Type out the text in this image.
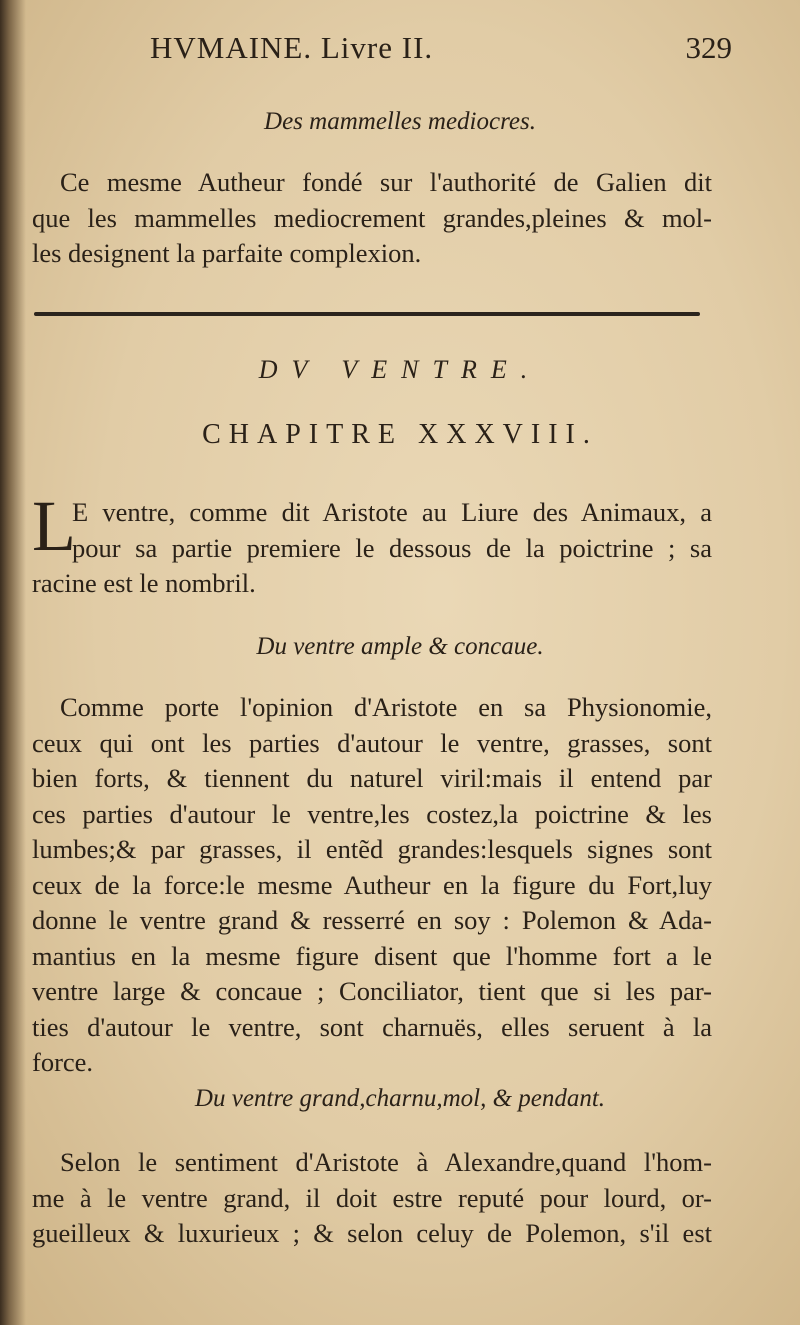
HVMAINE. Livre II.	329
Des mammelles mediocres.
Ce mesme Autheur fondé sur l'authorité de Galien dit
que les mammelles mediocrement grandes,pleines & mol-
les designent la parfaite complexion.
DV VENTRE.
CHAPITRE XXXVIII.
L
E ventre, comme dit Aristote au Liure des Animaux, a
pour sa partie premiere le dessous de la poictrine ; sa
racine est le nombril.
Du ventre ample & concaue.
Comme porte l'opinion d'Aristote en sa Physionomie,
ceux qui ont les parties d'autour le ventre, grasses, sont
bien forts, & tiennent du naturel viril:mais il entend par
ces parties d'autour le ventre,les costez,la poictrine & les
lumbes;& par grasses, il entẽd grandes:lesquels signes sont
ceux de la force:le mesme Autheur en la figure du Fort,luy
donne le ventre grand & resserré en soy : Polemon & Ada-
mantius en la mesme figure disent que l'homme fort a le
ventre large & concaue ; Conciliator, tient que si les par-
ties d'autour le ventre, sont charnuës, elles seruent à la
force.
Du ventre grand,charnu,mol, & pendant.
Selon le sentiment d'Aristote à Alexandre,quand l'hom-
me à le ventre grand, il doit estre reputé pour lourd, or-
gueilleux & luxurieux ; & selon celuy de Polemon, s'il est
